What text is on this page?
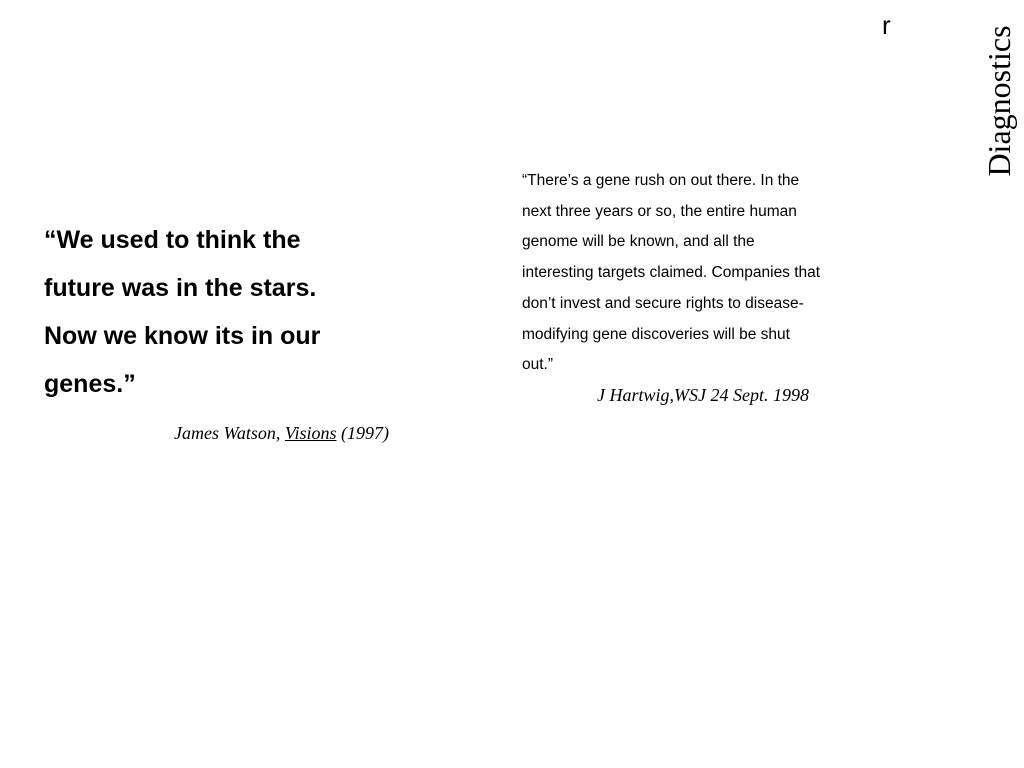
r
Diagnostics

“We used to think the future was in the stars. Now we know its in our genes.”

James Watson, Visions (1997)

“There’s a gene rush on out there. In the next three years or so, the entire human genome will be known, and all the interesting targets claimed. Companies that don’t invest and secure rights to disease-modifying gene discoveries will be shut out.”

J Hartwig,WSJ 24 Sept. 1998
